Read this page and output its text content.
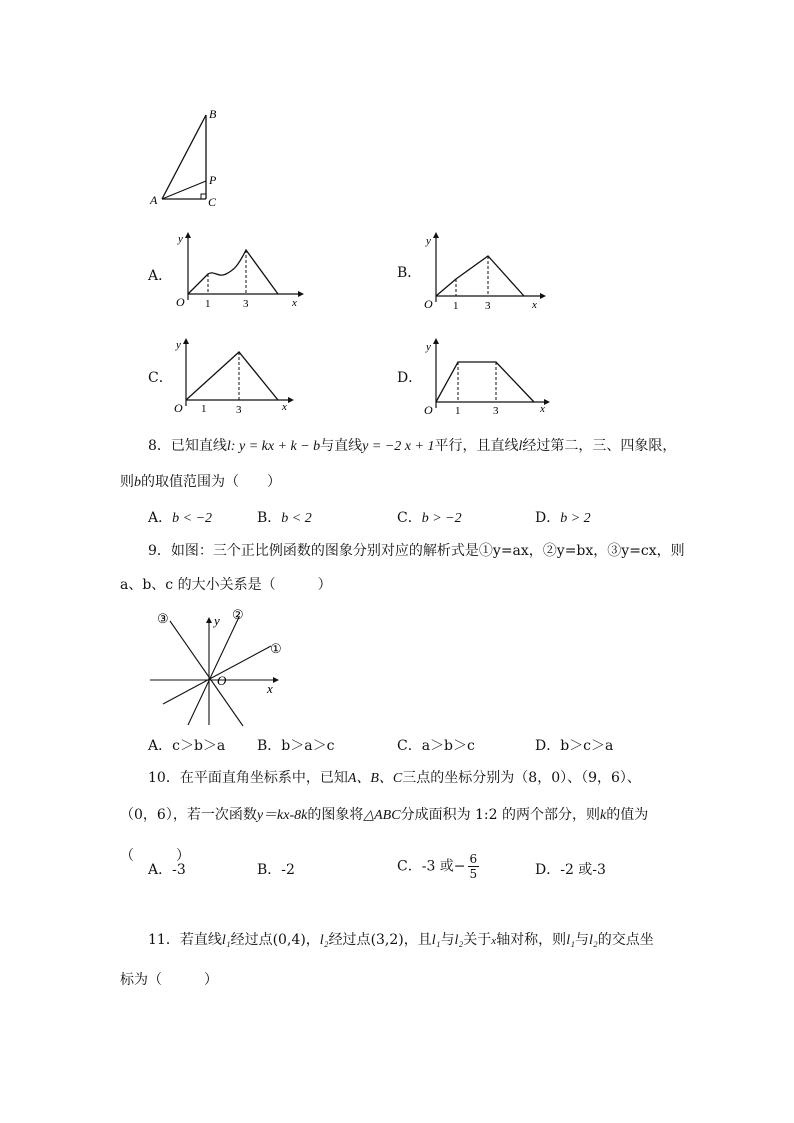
B
P
A	C
A．
y
O 1	3	x
B．
y
O 1 3	x
C．
y
O 1	3	x
D．
y
O 1	3	x
8．已知直线l: y = kx + k − b与直线y = −2 x + 1平行，且直线l经过第二，三、四象限，
则b的取值范围为（　　）
A．b < −2	B．b < 2	C．b > −2	D．b > 2
9．如图：三个正比例函数的图象分别对应的解析式是①y=ax，②y=bx，③y=cx，则
a、b、c 的大小关系是（　　　）
③	②
①
y
O
x
A．c＞b＞a B．b＞a＞c	C．a＞b＞c	D．b＞c＞a
10．在平面直角坐标系中，已知A、B、C三点的坐标分别为（8，0）、（9，6）、
（0，6），若一次函数y＝kx-8k的图象将△ABC分成面积为 1:2 的两个部分，则k的值为
（　　　）
A．-3	B．-2	C．-3 或− $\frac{6}{5}$	D．-2 或-3
11．若直线l₁经过点(0,4)，l₂经过点(3,2)，且l₁与l₂关于x轴对称，则l₁与l₂的交点坐
标为（　　　）
